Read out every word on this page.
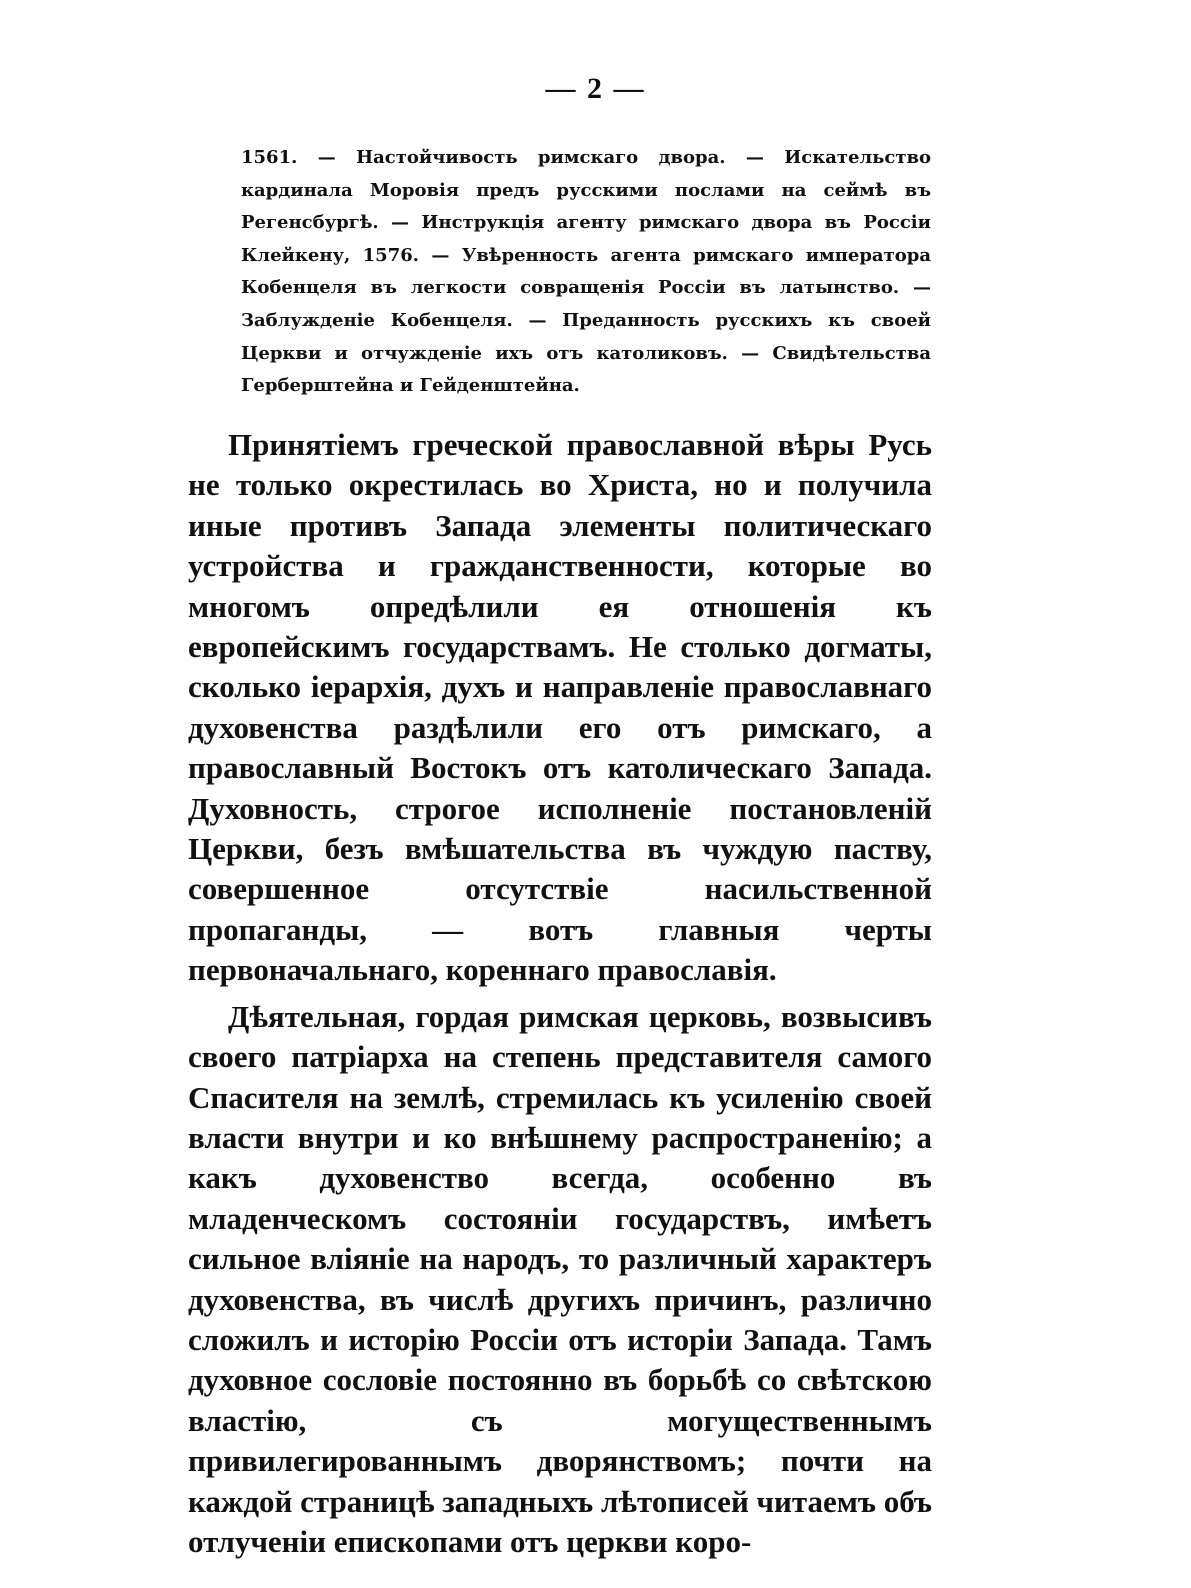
— 2 —

1561. — Настойчивость римскаго двора. — Искательство кардинала Моровія предъ русскими послами на сеймѣ въ Регенсбургѣ. — Инструкція агенту римскаго двора въ Россіи Клейкену, 1576. — Увѣренность агента римскаго императора Кобенцеля въ легкости совращенія Россіи въ латынство. — Заблужденіе Кобенцеля. — Преданность русскихъ къ своей Церкви и отчужденіе ихъ отъ католиковъ. — Свидѣтельства Герберштейна и Гейденштейна.

Принятіемъ греческой православной вѣры Русь не только окрестилась во Христа, но и получила иные противъ Запада элементы политическаго устройства и гражданственности, которые во многомъ опредѣлили ея отношенія къ европейскимъ государствамъ. Не столько догматы, сколько іерархія, духъ и направленіе православнаго духовенства раздѣлили его отъ римскаго, а православный Востокъ отъ католическаго Запада. Духовность, строгое исполненіе постановленій Церкви, безъ вмѣшательства въ чуждую паству, совершенное отсутствіе насильственной пропаганды, — вотъ главныя черты первоначальнаго, кореннаго православія.

Дѣятельная, гордая римская церковь, возвысивъ своего патріарха на степень представителя самого Спасителя на землѣ, стремилась къ усиленію своей власти внутри и ко внѣшнему распространенію; а какъ духовенство всегда, особенно въ младенческомъ состояніи государствъ, имѣетъ сильное вліяніе на народъ, то различный характеръ духовенства, въ числѣ другихъ причинъ, различно сложилъ и исторію Россіи отъ исторіи Запада. Тамъ духовное сословіе постоянно въ борьбѣ со свѣтскою властію, съ могущественнымъ привилегированнымъ дворянствомъ; почти на каждой страницѣ западныхъ лѣтописей читаемъ объ отлученіи епископами отъ церкви коро-
